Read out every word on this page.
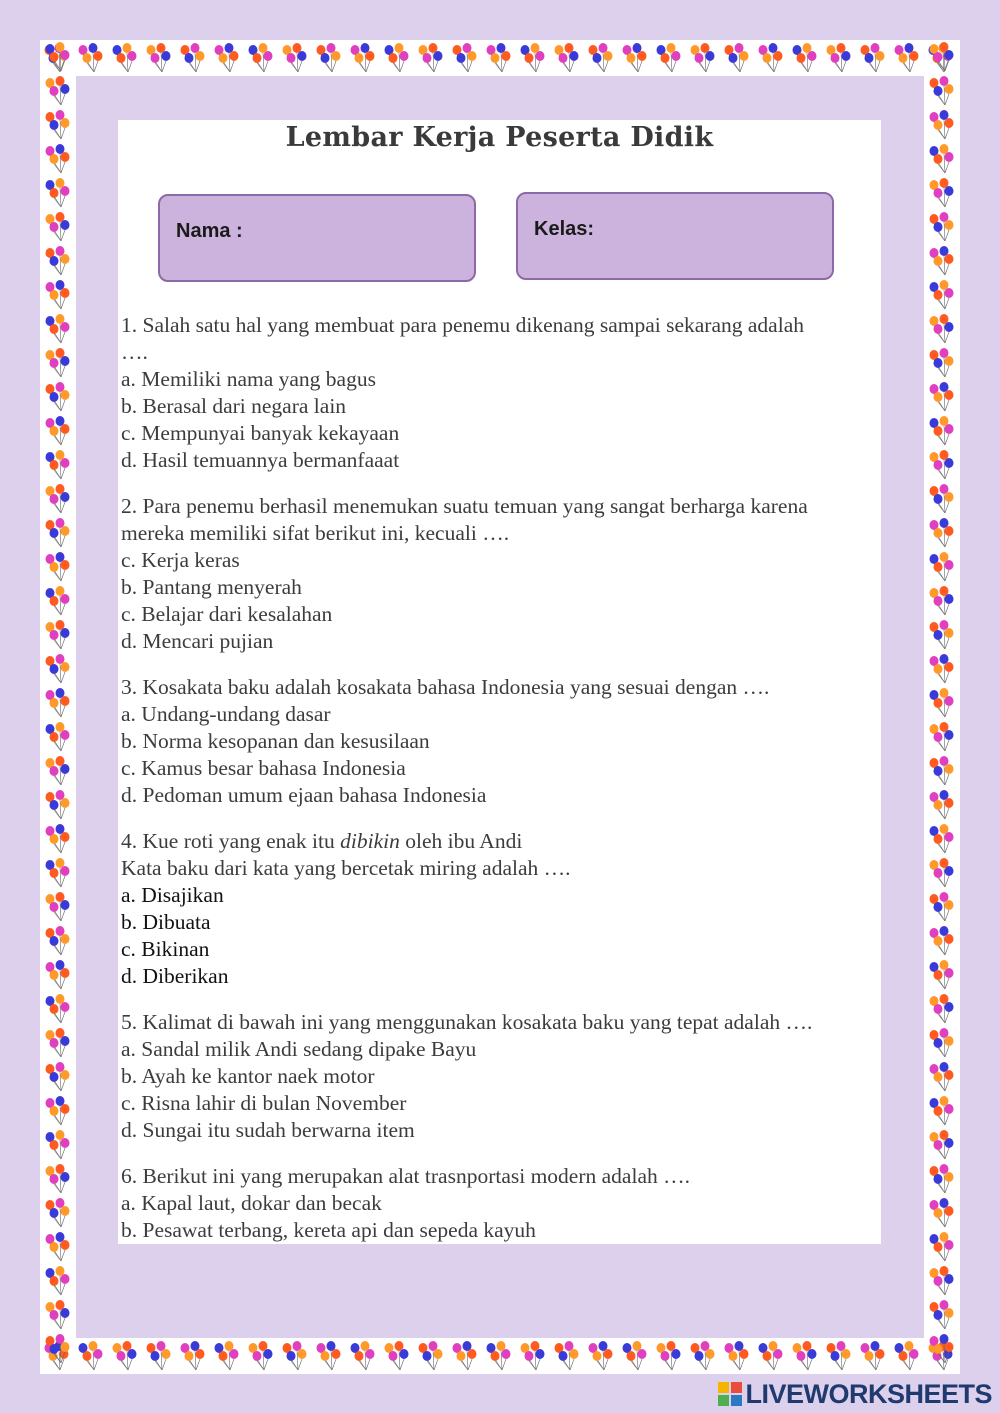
Lembar Kerja Peserta Didik
Nama :	Kelas:

1. Salah satu hal yang membuat para penemu dikenang sampai sekarang adalah

….

a. Memiliki nama yang bagus

b. Berasal dari negara lain

c. Mempunyai banyak kekayaan

d. Hasil temuannya bermanfaaat

2. Para penemu berhasil menemukan suatu temuan yang sangat berharga karena

mereka memiliki sifat berikut ini, kecuali ….

c. Kerja keras

b. Pantang menyerah

c. Belajar dari kesalahan

d. Mencari pujian

3. Kosakata baku adalah kosakata bahasa Indonesia yang sesuai dengan ….

a. Undang-undang dasar

b. Norma kesopanan dan kesusilaan

c. Kamus besar bahasa Indonesia

d. Pedoman umum ejaan bahasa Indonesia

4. Kue roti yang enak itu dibikin oleh ibu Andi

Kata baku dari kata yang bercetak miring adalah ….

a. Disajikan

b. Dibuata

c. Bikinan

d. Diberikan

5. Kalimat di bawah ini yang menggunakan kosakata baku yang tepat adalah ….

a. Sandal milik Andi sedang dipake Bayu

b. Ayah ke kantor naek motor

c. Risna lahir di bulan November

d. Sungai itu sudah berwarna item

6. Berikut ini yang merupakan alat trasnportasi modern adalah ….

a. Kapal laut, dokar dan becak

b. Pesawat terbang, kereta api dan sepeda kayuh

LIVEWORKSHEETS
